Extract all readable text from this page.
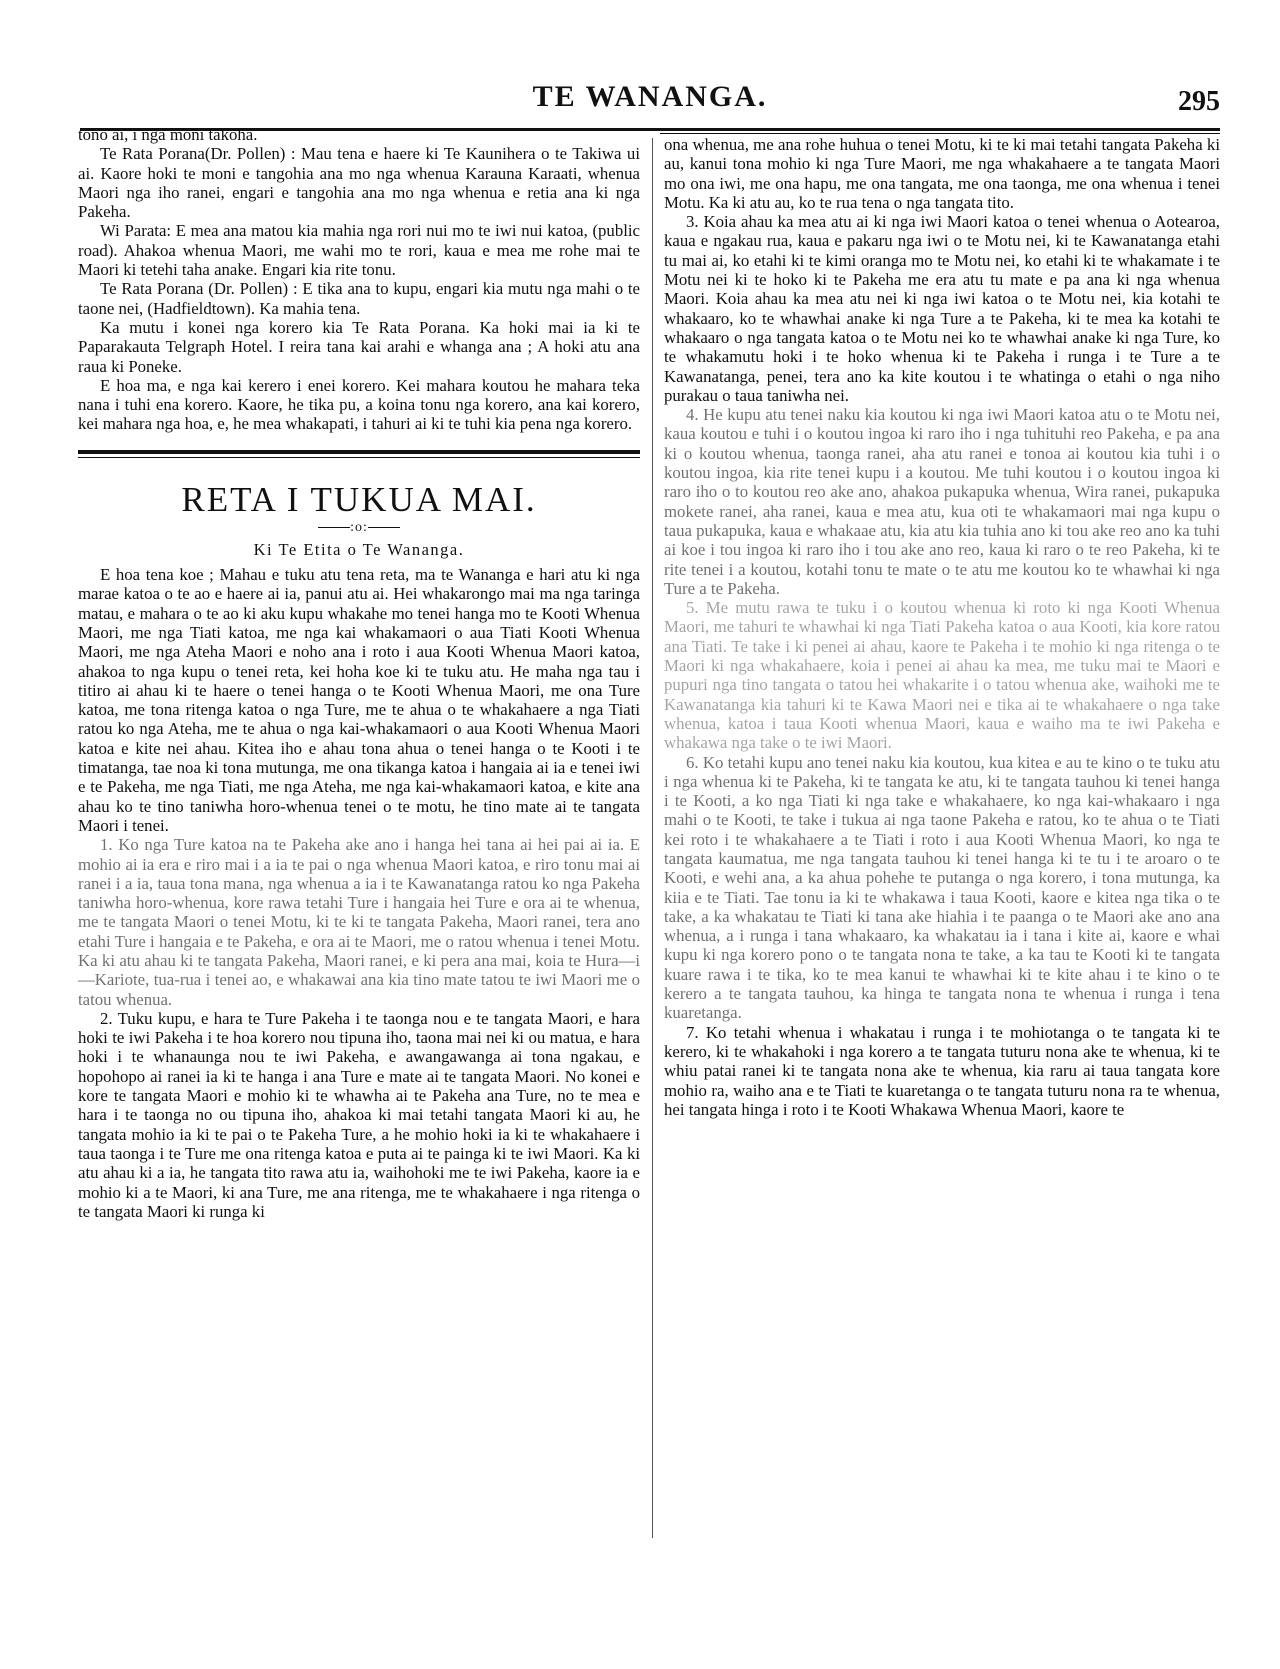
TE WANANGA.	295

tono ai, i nga moni takoha.

Te Rata Porana(Dr. Pollen) : Mau tena e haere ki Te Kaunihera o te Takiwa ui ai. Kaore hoki te moni e tangohia ana mo nga whenua Karauna Karaati, whenua Maori nga iho ranei, engari e tangohia ana mo nga whenua e retia ana ki nga Pakeha.

Wi Parata: E mea ana matou kia mahia nga rori nui mo te iwi nui katoa, (public road). Ahakoa whenua Maori, me wahi mo te rori, kaua e mea me rohe mai te Maori ki tetehi taha anake. Engari kia rite tonu.

Te Rata Porana (Dr. Pollen) : E tika ana to kupu, engari kia mutu nga mahi o te taone nei, (Hadfieldtown). Ka mahia tena.

Ka mutu i konei nga korero kia Te Rata Porana. Ka hoki mai ia ki te Paparakauta Telgraph Hotel. I reira tana kai arahi e whanga ana ; A hoki atu ana raua ki Poneke.

E hoa ma, e nga kai kerero i enei korero. Kei mahara koutou he mahara teka nana i tuhi ena korero. Kaore, he tika pu, a koina tonu nga korero, ana kai korero, kei mahara nga hoa, e, he mea whakapati, i tahuri ai ki te tuhi kia pena nga korero.

RETA I TUKUA MAI.
:o:
Ki Te Etita o Te Wananga.

E hoa tena koe ; Mahau e tuku atu tena reta, ma te Wananga e hari atu ki nga marae katoa o te ao e haere ai ia, panui atu ai. Hei whakarongo mai ma nga taringa matau, e mahara o te ao ki aku kupu whakahe mo tenei hanga mo te Kooti Whenua Maori, me nga Tiati katoa, me nga kai whakamaori o aua Tiati Kooti Whenua Maori, me nga Ateha Maori e noho ana i roto i aua Kooti Whenua Maori katoa, ahakoa to nga kupu o tenei reta, kei hoha koe ki te tuku atu. He maha nga tau i titiro ai ahau ki te haere o tenei hanga o te Kooti Whenua Maori, me ona Ture katoa, me tona ritenga katoa o nga Ture, me te ahua o te whakahaere a nga Tiati ratou ko nga Ateha, me te ahua o nga kai-whakamaori o aua Kooti Whenua Maori katoa e kite nei ahau. Kitea iho e ahau tona ahua o tenei hanga o te Kooti i te timatanga, tae noa ki tona mutunga, me ona tikanga katoa i hangaia ai ia e tenei iwi e te Pakeha, me nga Tiati, me nga Ateha, me nga kai-whakamaori katoa, e kite ana ahau ko te tino taniwha horo-whenua tenei o te motu, he tino mate ai te tangata Maori i tenei.

1. Ko nga Ture katoa na te Pakeha ake ano i hanga hei tana ai hei pai ai ia. E mohio ai ia era e riro mai i a ia te pai o nga whenua Maori katoa, e riro tonu mai ai ranei i a ia, taua tona mana, nga whenua a ia i te Kawanatanga ratou ko nga Pakeha taniwha horo-whenua, kore rawa tetahi Ture i hangaia hei Ture e ora ai te whenua, me te tangata Maori o tenei Motu, ki te ki te tangata Pakeha, Maori ranei, tera ano etahi Ture i hangaia e te Pakeha, e ora ai te Maori, me o ratou whenua i tenei Motu. Ka ki atu ahau ki te tangata Pakeha, Maori ranei, e ki pera ana mai, koia te Hura—i—Kariote, tua-rua i tenei ao, e whakawai ana kia tino mate tatou te iwi Maori me o tatou whenua.

2. Tuku kupu, e hara te Ture Pakeha i te taonga nou e te tangata Maori, e hara hoki te iwi Pakeha i te hoa korero nou tipuna iho, taona mai nei ki ou matua, e hara hoki i te whanaunga nou te iwi Pakeha, e awangawanga ai tona ngakau, e hopohopo ai ranei ia ki te hanga i ana Ture e mate ai te tangata Maori. No konei e kore te tangata Maori e mohio ki te whawha ai te Pakeha ana Ture, no te mea e hara i te taonga no ou tipuna iho, ahakoa ki mai tetahi tangata Maori ki au, he tangata mohio ia ki te pai o te Pakeha Ture, a he mohio hoki ia ki te whakahaere i taua taonga i te Ture me ona ritenga katoa e puta ai te painga ki te iwi Maori. Ka ki atu ahau ki a ia, he tangata tito rawa atu ia, waihohoki me te iwi Pakeha, kaore ia e mohio ki a te Maori, ki ana Ture, me ana ritenga, me te whakahaere i nga ritenga o te tangata Maori ki runga ki

ona whenua, me ana rohe huhua o tenei Motu, ki te ki mai tetahi tangata Pakeha ki au, kanui tona mohio ki nga Ture Maori, me nga whakahaere a te tangata Maori mo ona iwi, me ona hapu, me ona tangata, me ona taonga, me ona whenua i tenei Motu. Ka ki atu au, ko te rua tena o nga tangata tito.

3. Koia ahau ka mea atu ai ki nga iwi Maori katoa o tenei whenua o Aotearoa, kaua e ngakau rua, kaua e pakaru nga iwi o te Motu nei, ki te Kawanatanga etahi tu mai ai, ko etahi ki te kimi oranga mo te Motu nei, ko etahi ki te whakamate i te Motu nei ki te hoko ki te Pakeha me era atu tu mate e pa ana ki nga whenua Maori. Koia ahau ka mea atu nei ki nga iwi katoa o te Motu nei, kia kotahi te whakaaro, ko te whawhai anake ki nga Ture a te Pakeha, ki te mea ka kotahi te whakaaro o nga tangata katoa o te Motu nei ko te whawhai anake ki nga Ture, ko te whakamutu hoki i te hoko whenua ki te Pakeha i runga i te Ture a te Kawanatanga, penei, tera ano ka kite koutou i te whatinga o etahi o nga niho purakau o taua taniwha nei.

4. He kupu atu tenei naku kia koutou ki nga iwi Maori katoa atu o te Motu nei, kaua koutou e tuhi i o koutou ingoa ki raro iho i nga tuhituhi reo Pakeha, e pa ana ki o koutou whenua, taonga ranei, aha atu ranei e tonoa ai koutou kia tuhi i o koutou ingoa, kia rite tenei kupu i a koutou. Me tuhi koutou i o koutou ingoa ki raro iho o to koutou reo ake ano, ahakoa pukapuka whenua, Wira ranei, pukapuka mokete ranei, aha ranei, kaua e mea atu, kua oti te whakamaori mai nga kupu o taua pukapuka, kaua e whakaae atu, kia atu kia tuhia ano ki tou ake reo ano ka tuhi ai koe i tou ingoa ki raro iho i tou ake ano reo, kaua ki raro o te reo Pakeha, ki te rite tenei i a koutou, kotahi tonu te mate o te atu me koutou ko te whawhai ki nga Ture a te Pakeha.

5. Me mutu rawa te tuku i o koutou whenua ki roto ki nga Kooti Whenua Maori, me tahuri te whawhai ki nga Tiati Pakeha katoa o aua Kooti, kia kore ratou ana Tiati. Te take i ki penei ai ahau, kaore te Pakeha i te mohio ki nga ritenga o te Maori ki nga whakahaere, koia i penei ai ahau ka mea, me tuku mai te Maori e pupuri nga tino tangata o tatou hei whakarite i o tatou whenua ake, waihoki me te Kawanatanga kia tahuri ki te Kawa Maori nei e tika ai te whakahaere o nga take whenua, katoa i taua Kooti whenua Maori, kaua e waiho ma te iwi Pakeha e whakawa nga take o te iwi Maori.

6. Ko tetahi kupu ano tenei naku kia koutou, kua kitea e au te kino o te tuku atu i nga whenua ki te Pakeha, ki te tangata ke atu, ki te tangata tauhou ki tenei hanga i te Kooti, a ko nga Tiati ki nga take e whakahaere, ko nga kai-whakaaro i nga mahi o te Kooti, te take i tukua ai nga taone Pakeha e ratou, ko te ahua o te Tiati kei roto i te whakahaere a te Tiati i roto i aua Kooti Whenua Maori, ko nga te tangata kaumatua, me nga tangata tauhou ki tenei hanga ki te tu i te aroaro o te Kooti, e wehi ana, a ka ahua pohehe te putanga o nga korero, i tona mutunga, ka kiia e te Tiati. Tae tonu ia ki te whakawa i taua Kooti, kaore e kitea nga tika o te take, a ka whakatau te Tiati ki tana ake hiahia i te paanga o te Maori ake ano ana whenua, a i runga i tana whakaaro, ka whakatau ia i tana i kite ai, kaore e whai kupu ki nga korero pono o te tangata nona te take, a ka tau te Kooti ki te tangata kuare rawa i te tika, ko te mea kanui te whawhai ki te kite ahau i te kino o te kerero a te tangata tauhou, ka hinga te tangata nona te whenua i runga i tena kuaretanga.

7. Ko tetahi whenua i whakatau i runga i te mohiotanga o te tangata ki te kerero, ki te whakahoki i nga korero a te tangata tuturu nona ake te whenua, ki te whiu patai ranei ki te tangata nona ake te whenua, kia raru ai taua tangata kore mohio ra, waiho ana e te Tiati te kuaretanga o te tangata tuturu nona ra te whenua, hei tangata hinga i roto i te Kooti Whakawa Whenua Maori, kaore te
